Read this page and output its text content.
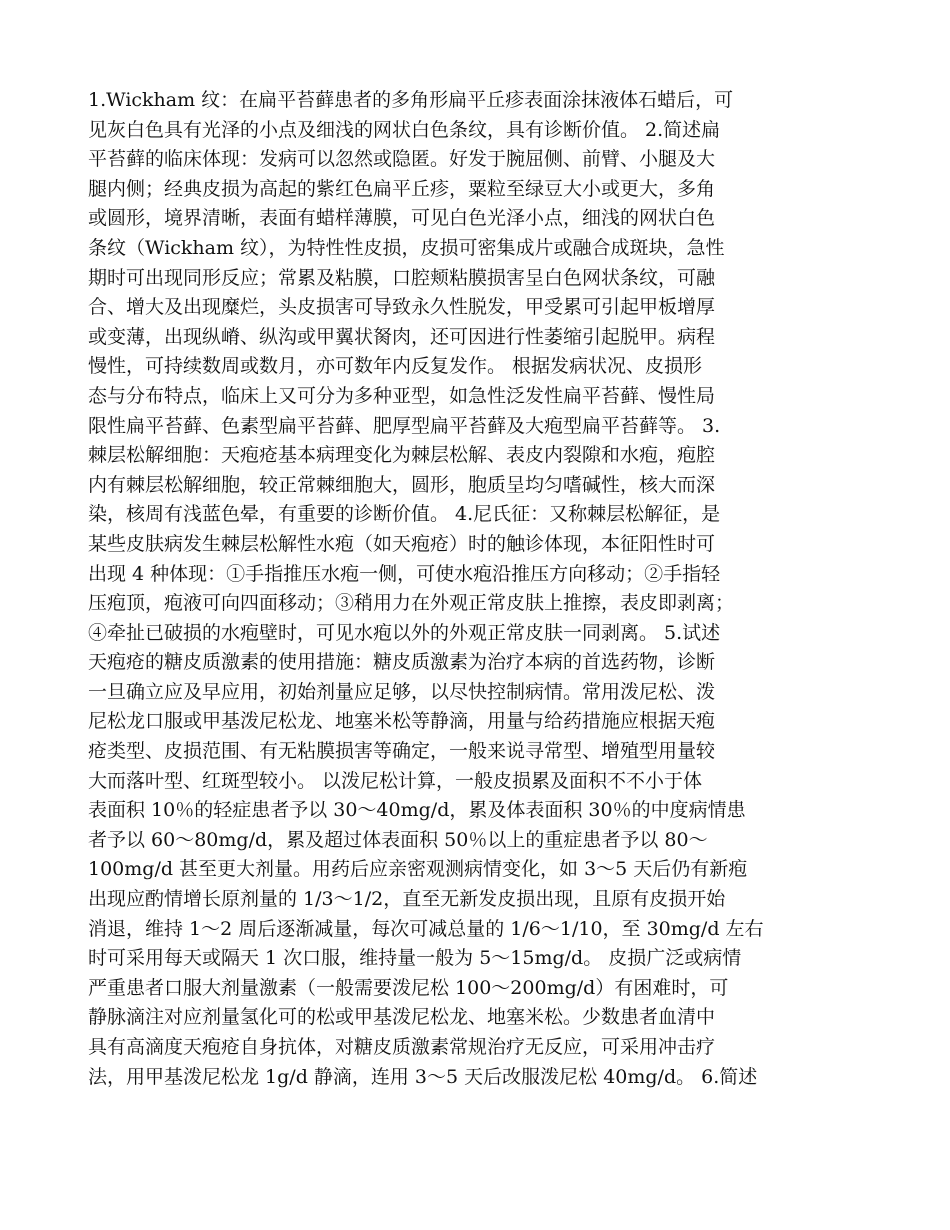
1.Wickham 纹：在扁平苔藓患者的多角形扁平丘疹表面涂抹液体石蜡后，可
见灰白色具有光泽的小点及细浅的网状白色条纹，具有诊断价值。 2.简述扁
平苔藓的临床体现：发病可以忽然或隐匿。好发于腕屈侧、前臂、小腿及大
腿内侧；经典皮损为高起的紫红色扁平丘疹，粟粒至绿豆大小或更大，多角
或圆形，境界清晰，表面有蜡样薄膜，可见白色光泽小点，细浅的网状白色
条纹（Wickham 纹），为特性性皮损，皮损可密集成片或融合成斑块，急性
期时可出现同形反应；常累及粘膜，口腔颊粘膜损害呈白色网状条纹，可融
合、增大及出现糜烂，头皮损害可导致永久性脱发，甲受累可引起甲板增厚
或变薄，出现纵嵴、纵沟或甲翼状胬肉，还可因进行性萎缩引起脱甲。病程
慢性，可持续数周或数月，亦可数年内反复发作。 根据发病状况、皮损形
态与分布特点，临床上又可分为多种亚型，如急性泛发性扁平苔藓、慢性局
限性扁平苔藓、色素型扁平苔藓、肥厚型扁平苔藓及大疱型扁平苔藓等。 3.
棘层松解细胞：天疱疮基本病理变化为棘层松解、表皮内裂隙和水疱，疱腔
内有棘层松解细胞，较正常棘细胞大，圆形，胞质呈均匀嗜碱性，核大而深
染，核周有浅蓝色晕，有重要的诊断价值。 4.尼氏征：又称棘层松解征，是
某些皮肤病发生棘层松解性水疱（如天疱疮）时的触诊体现，本征阳性时可
出现 4 种体现：①手指推压水疱一侧，可使水疱沿推压方向移动；②手指轻
压疱顶，疱液可向四面移动；③稍用力在外观正常皮肤上推擦，表皮即剥离；
④牵扯已破损的水疱壁时，可见水疱以外的外观正常皮肤一同剥离。 5.试述
天疱疮的糖皮质激素的使用措施：糖皮质激素为治疗本病的首选药物，诊断
一旦确立应及早应用，初始剂量应足够，以尽快控制病情。常用泼尼松、泼
尼松龙口服或甲基泼尼松龙、地塞米松等静滴，用量与给药措施应根据天疱
疮类型、皮损范围、有无粘膜损害等确定，一般来说寻常型、增殖型用量较
大而落叶型、红斑型较小。 以泼尼松计算，一般皮损累及面积不不小于体
表面积 10％的轻症患者予以 30～40mg/d，累及体表面积 30％的中度病情患
者予以 60～80mg/d，累及超过体表面积 50％以上的重症患者予以 80～
100mg/d 甚至更大剂量。用药后应亲密观测病情变化，如 3～5 天后仍有新疱
出现应酌情增长原剂量的 1/3～1/2，直至无新发皮损出现，且原有皮损开始
消退，维持 1～2 周后逐渐减量，每次可减总量的 1/6～1/10，至 30mg/d 左右
时可采用每天或隔天 1 次口服，维持量一般为 5～15mg/d。 皮损广泛或病情
严重患者口服大剂量激素（一般需要泼尼松 100～200mg/d）有困难时，可
静脉滴注对应剂量氢化可的松或甲基泼尼松龙、地塞米松。少数患者血清中
具有高滴度天疱疮自身抗体，对糖皮质激素常规治疗无反应，可采用冲击疗
法，用甲基泼尼松龙 1g/d 静滴，连用 3～5 天后改服泼尼松 40mg/d。 6.简述
